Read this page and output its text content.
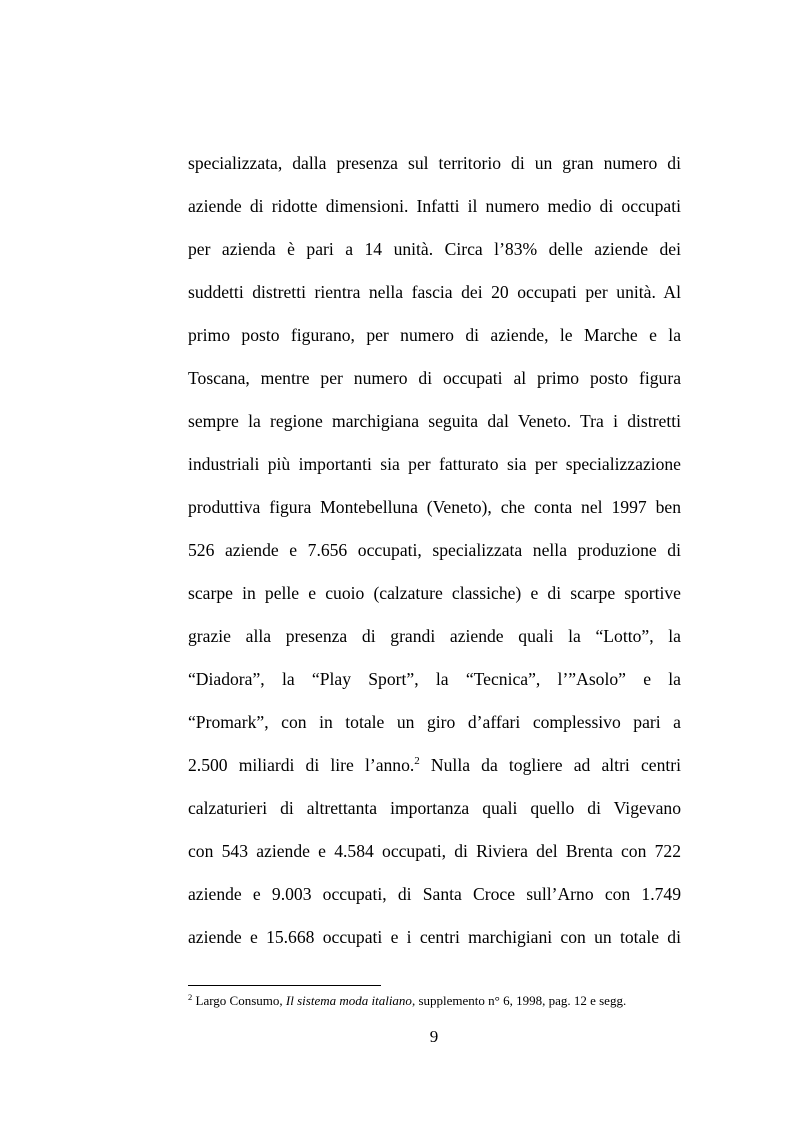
specializzata, dalla presenza sul territorio di un gran numero di
aziende di ridotte dimensioni. Infatti il numero medio di occupati
per azienda è pari a 14 unità. Circa l’83% delle aziende dei
suddetti distretti rientra nella fascia dei 20 occupati per unità. Al
primo posto figurano, per numero di aziende, le Marche e la
Toscana, mentre per numero di occupati al primo posto figura
sempre la regione marchigiana seguita dal Veneto. Tra i distretti
industriali più importanti sia per fatturato sia per specializzazione
produttiva figura Montebelluna (Veneto), che conta nel 1997 ben
526 aziende e 7.656 occupati, specializzata nella produzione di
scarpe in pelle e cuoio (calzature classiche) e di scarpe sportive
grazie alla presenza di grandi aziende quali la “Lotto”, la
“Diadora”, la “Play Sport”, la “Tecnica”, l’”Asolo” e la
“Promark”, con in totale un giro d’affari complessivo pari a
2.500 miliardi di lire l’anno.$^2$ Nulla da togliere ad altri centri
calzaturieri di altrettanta importanza quali quello di Vigevano
con 543 aziende e 4.584 occupati, di Riviera del Brenta con 722
aziende e 9.003 occupati, di Santa Croce sull’Arno con 1.749
aziende e 15.668 occupati e i centri marchigiani con un totale di
$^2$ Largo Consumo, Il sistema moda italiano, supplemento n° 6, 1998, pag. 12 e segg.
9
